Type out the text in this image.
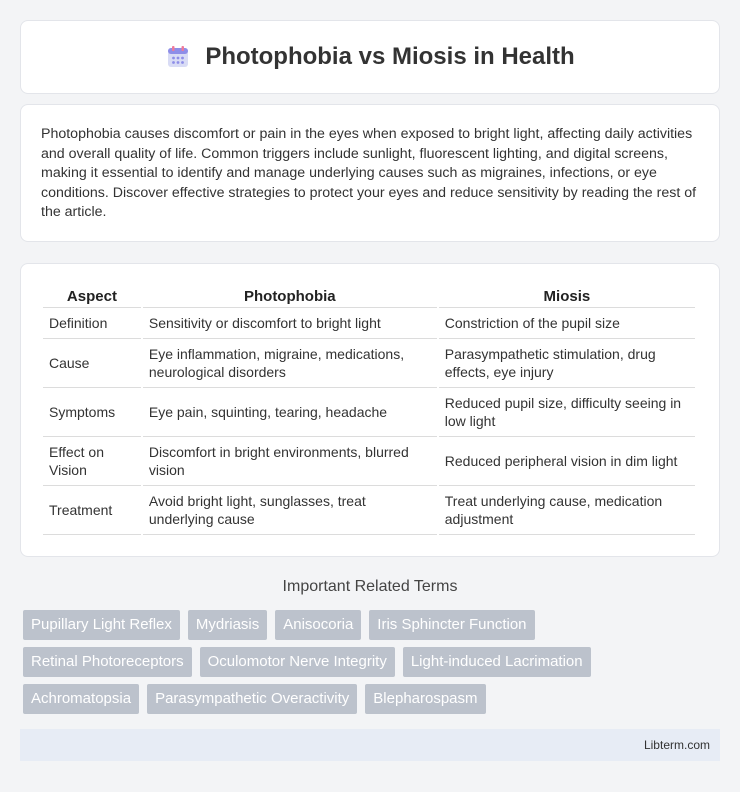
Photophobia vs Miosis in Health

Photophobia causes discomfort or pain in the eyes when exposed to bright light, affecting daily activities and overall quality of life. Common triggers include sunlight, fluorescent lighting, and digital screens, making it essential to identify and manage underlying causes such as migraines, infections, or eye conditions. Discover effective strategies to protect your eyes and reduce sensitivity by reading the rest of the article.

Aspect	Photophobia	Miosis
Definition	Sensitivity or discomfort to bright light	Constriction of the pupil size
Cause	Eye inflammation, migraine, medications, neurological disorders	Parasympathetic stimulation, drug effects, eye injury
Symptoms	Eye pain, squinting, tearing, headache	Reduced pupil size, difficulty seeing in low light
Effect on Vision	Discomfort in bright environments, blurred vision	Reduced peripheral vision in dim light
Treatment	Avoid bright light, sunglasses, treat underlying cause	Treat underlying cause, medication adjustment
Important Related Terms
Pupillary Light Reflex	Mydriasis	Anisocoria	Iris Sphincter Function
Retinal Photoreceptors	Oculomotor Nerve Integrity	Light-induced Lacrimation
Achromatopsia	Parasympathetic Overactivity	Blepharospasm
Libterm.com
